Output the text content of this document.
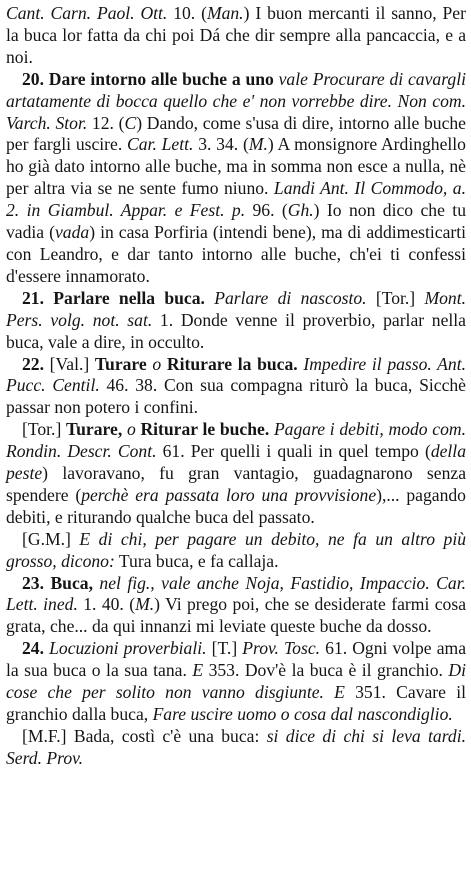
Cant. Carn. Paol. Ott. 10. (Man.) I buon mercanti il sanno, Per la buca lor fatta da chi poi Dá che dir sempre alla pancaccia, e a noi.

20. Dare intorno alle buche a uno vale Procurare di cavargli artatamente di bocca quello che e' non vorrebbe dire. Non com. Varch. Stor. 12. (C) Dando, come s'usa di dire, intorno alle buche per fargli uscire. Car. Lett. 3. 34. (M.) A monsignore Ardinghello ho già dato intorno alle buche, ma in somma non esce a nulla, nè per altra via se ne sente fumo niuno. Landi Ant. Il Commodo, a. 2. in Giambul. Appar. e Fest. p. 96. (Gh.) Io non dico che tu vadia (vada) in casa Porfiria (intendi bene), ma di addimesticarti con Leandro, e dar tanto intorno alle buche, ch'ei ti confessi d'essere innamorato.

21. Parlare nella buca. Parlare di nascosto. [Tor.] Mont. Pers. volg. not. sat. 1. Donde venne il proverbio, parlar nella buca, vale a dire, in occulto.

22. [Val.] Turare o Riturare la buca. Impedire il passo. Ant. Pucc. Centil. 46. 38. Con sua compagna riturò la buca, Sicchè passar non potero i confini.

[Tor.] Turare, o Riturar le buche. Pagare i debiti, modo com. Rondin. Descr. Cont. 61. Per quelli i quali in quel tempo (della peste) lavoravano, fu gran vantagio, guadagnarono senza spendere (perchè era passata loro una provvisione),... pagando debiti, e riturando qualche buca del passato.

[G.M.] E di chi, per pagare un debito, ne fa un altro più grosso, dicono: Tura buca, e fa callaja.

23. Buca, nel fig., vale anche Noja, Fastidio, Impaccio. Car. Lett. ined. 1. 40. (M.) Vi prego poi, che se desiderate farmi cosa grata, che... da qui innanzi mi leviate queste buche da dosso.

24. Locuzioni proverbiali. [T.] Prov. Tosc. 61. Ogni volpe ama la sua buca o la sua tana. E 353. Dov'è la buca è il granchio. Di cose che per solito non vanno disgiunte. E 351. Cavare il granchio dalla buca, Fare uscire uomo o cosa dal nascondiglio.

[M.F.] Bada, costì c'è una buca: si dice di chi si leva tardi. Serd. Prov.
